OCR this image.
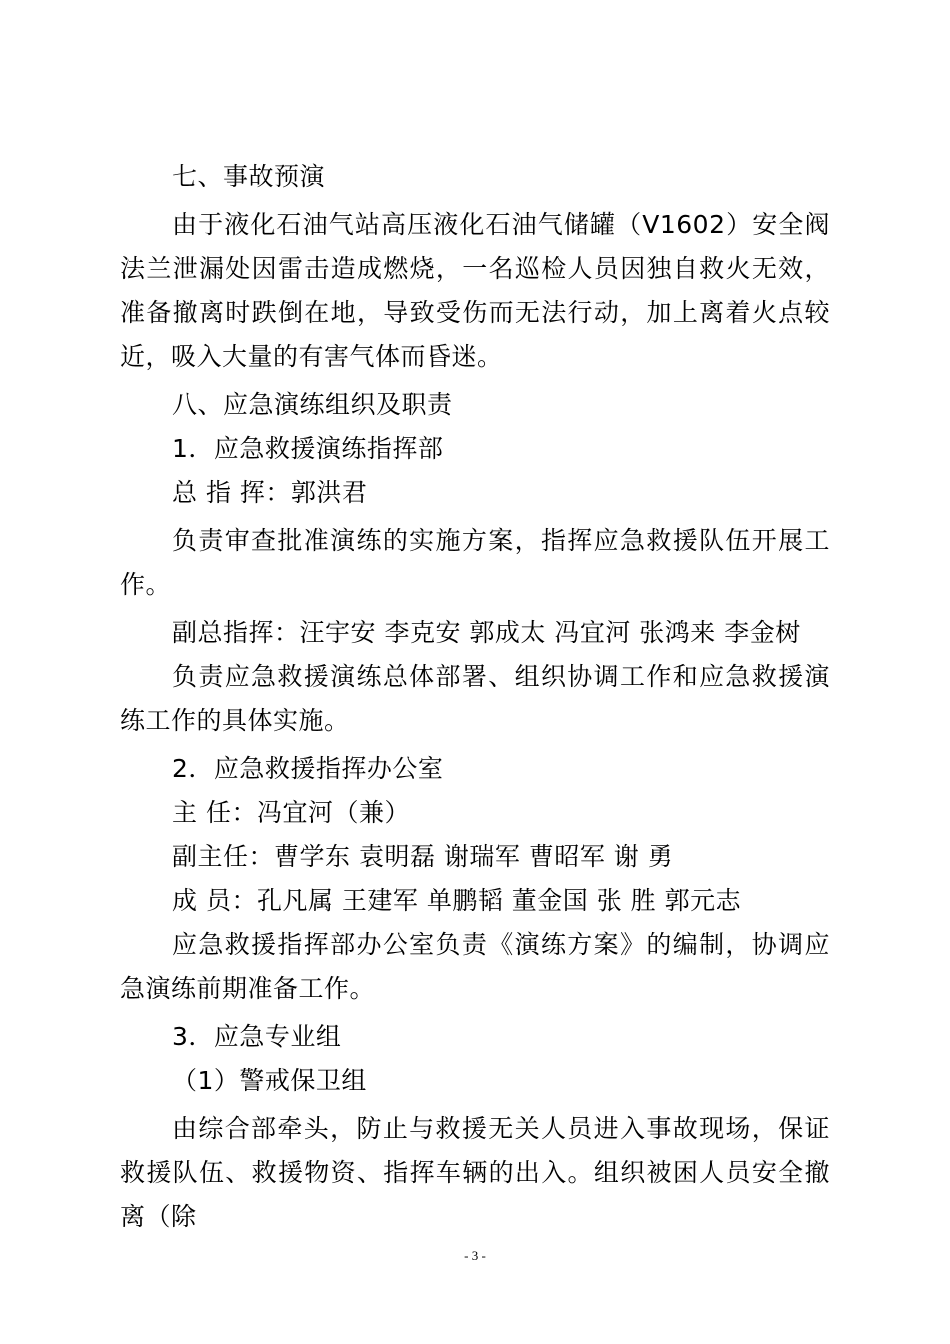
七、事故预演

由于液化石油气站高压液化石油气储罐（V1602）安全阀法兰泄漏处因雷击造成燃烧，一名巡检人员因独自救火无效，准备撤离时跌倒在地，导致受伤而无法行动，加上离着火点较近，吸入大量的有害气体而昏迷。

八、应急演练组织及职责

1．应急救援演练指挥部

总 指 挥：郭洪君

负责审查批准演练的实施方案，指挥应急救援队伍开展工作。

副总指挥：汪宇安 李克安 郭成太 冯宜河 张鸿来 李金树

负责应急救援演练总体部署、组织协调工作和应急救援演练工作的具体实施。

2．应急救援指挥办公室

主 任：冯宜河（兼）

副主任：曹学东 袁明磊 谢瑞军 曹昭军 谢 勇

成 员：孔凡属 王建军 单鹏韬 董金国 张 胜 郭元志

应急救援指挥部办公室负责《演练方案》的编制，协调应急演练前期准备工作。

3．应急专业组

（1）警戒保卫组

由综合部牵头，防止与救援无关人员进入事故现场，保证救援队伍、救援物资、指挥车辆的出入。组织被困人员安全撤离（除

- 3 -
